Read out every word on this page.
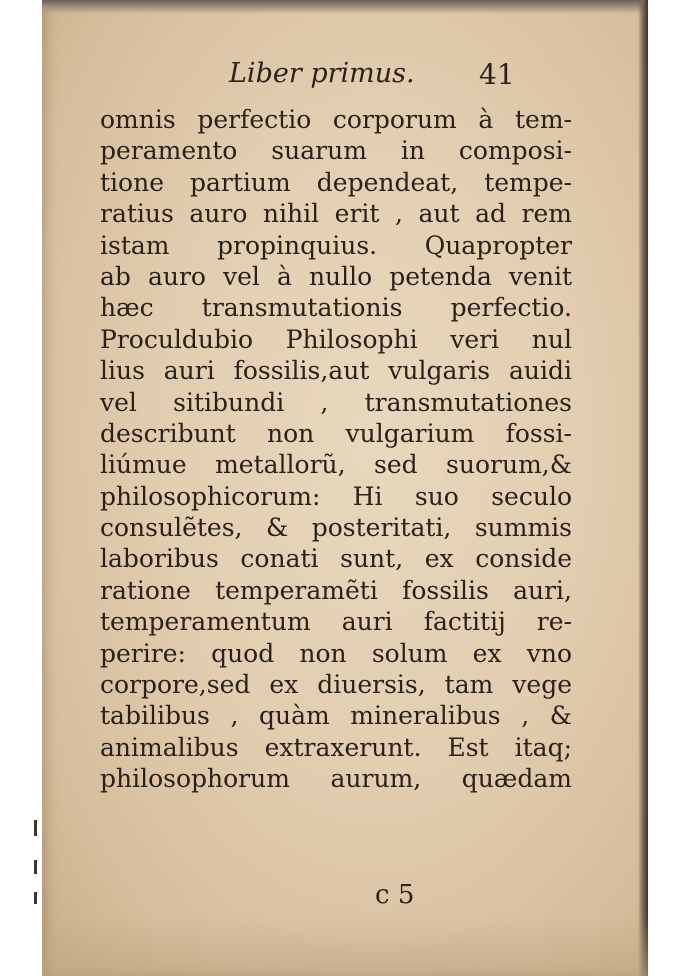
Liber primus. 41
omnis perfectio corporum à tem-
peramento suarum in composi-
tione partium dependeat, tempe-
ratius auro nihil erit , aut ad rem
istam propinquius. Quapropter
ab auro vel à nullo petenda venit
hæc transmutationis perfectio.
Proculdubio Philosophi veri nul
lius auri fossilis,aut vulgaris auidi
vel sitibundi , transmutationes
describunt non vulgarium fossi-
liúmue metallorũ, sed suorum,&
philosophicorum: Hi suo seculo
consulẽtes, & posteritati, summis
laboribus conati sunt, ex conside
ratione temperamẽti fossilis auri,
temperamentum auri factitij re-
perire: quod non solum ex vno
corpore,sed ex diuersis, tam vege
tabilibus , quàm mineralibus , &
animalibus extraxerunt. Est itaq;
philosophorum aurum, quædam
c 5
